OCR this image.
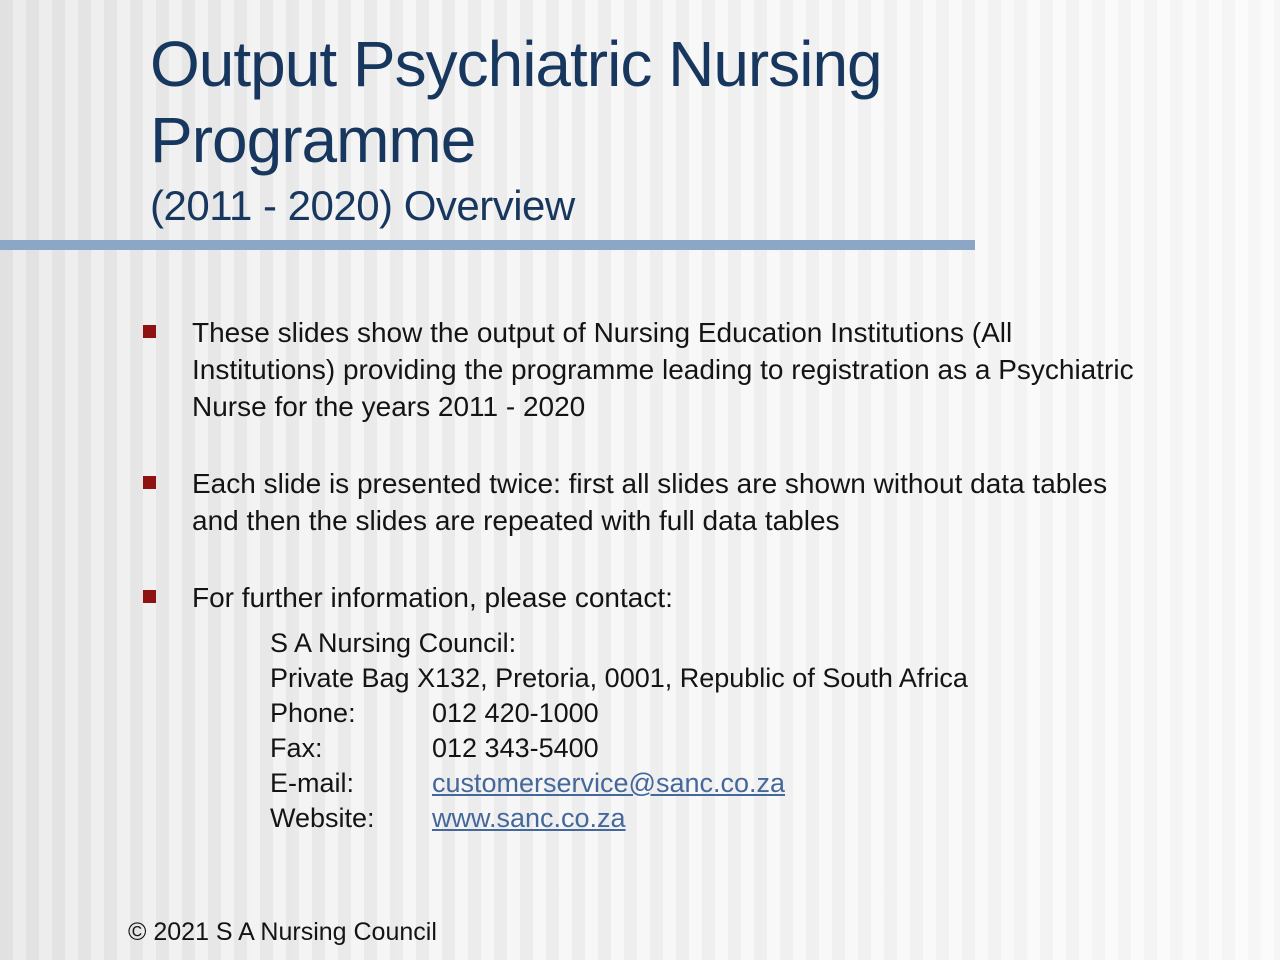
Output Psychiatric Nursing
Programme
(2011 - 2020) Overview
These slides show the output of Nursing Education Institutions (All Institutions) providing the programme leading to registration as a Psychiatric Nurse for the years 2011 - 2020
Each slide is presented twice: first all slides are shown without data tables and then the slides are repeated with full data tables
For further information, please contact:
S A Nursing Council:
Private Bag X132, Pretoria, 0001, Republic of South Africa
Phone:	012 420-1000
Fax:	012 343-5400
E-mail:	customerservice@sanc.co.za
Website:	www.sanc.co.za
© 2021 S A Nursing Council
